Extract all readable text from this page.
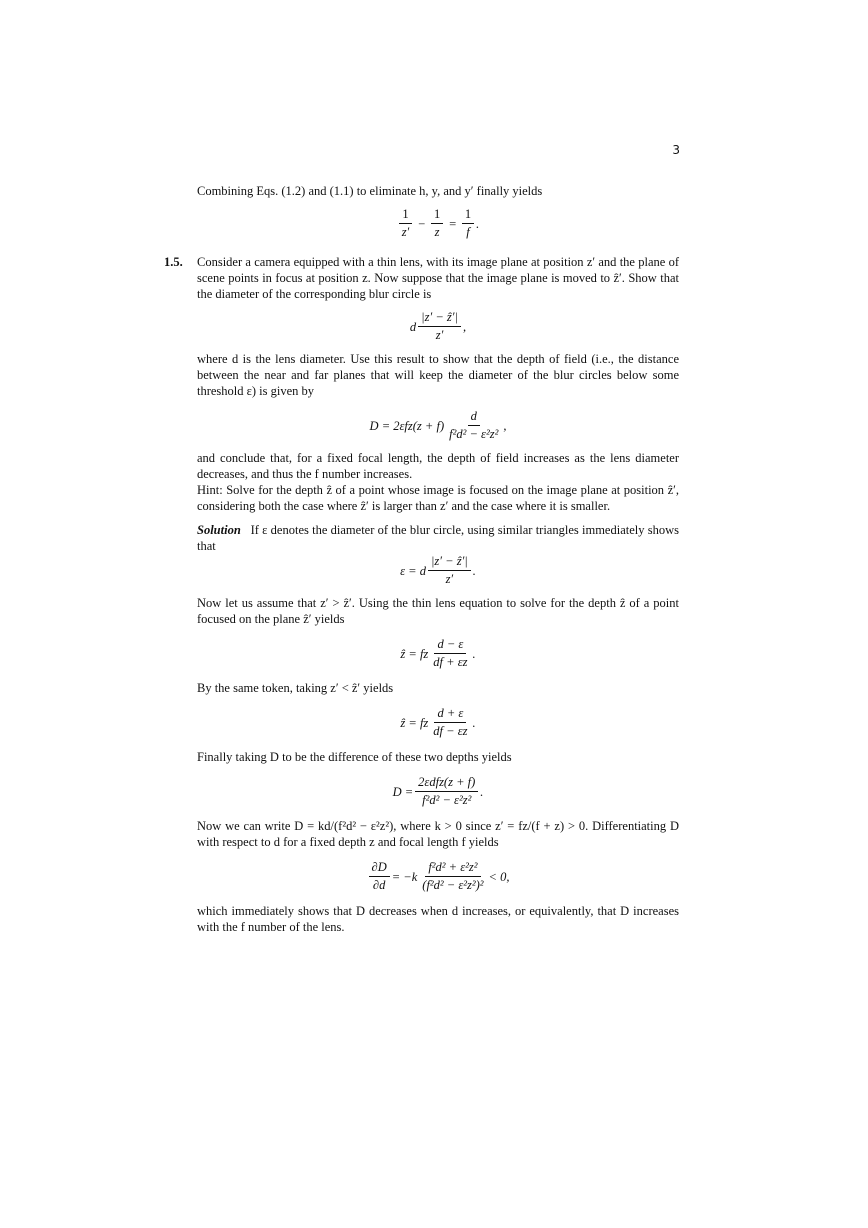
3

Combining Eqs. (1.2) and (1.1) to eliminate h, y, and y′ finally yields

$\frac{1}{z'} - \frac{1}{z} = \frac{1}{f}$ .
1.5. Consider a camera equipped with a thin lens, with its image plane at position z′ and the plane of scene points in focus at position z. Now suppose that the image plane is moved to ẑ′. Show that the diameter of the corresponding blur circle is

d $\frac{\text{|z′ − ẑ′|}}{z'}$ ,

where d is the lens diameter. Use this result to show that the depth of field (i.e., the distance between the near and far planes that will keep the diameter of the blur circles below some threshold ε) is given by

$D = 2\varepsilon fz(z + f) \frac{d}{\text{f²d² − ε²z²}}$ ,

and conclude that, for a fixed focal length, the depth of field increases as the lens diameter decreases, and thus the f number increases.

Hint: Solve for the depth ẑ of a point whose image is focused on the image plane at position ẑ′, considering both the case where ẑ′ is larger than z′ and the case where it is smaller.

Solution If ε denotes the diameter of the blur circle, using similar triangles immediately shows that

ε = d $\frac{\text{|z′ − ẑ′|}}{z'}$ .

Now let us assume that z′ > ẑ′. Using the thin lens equation to solve for the depth ẑ of a point focused on the plane ẑ′ yields

ẑ = fz $\frac{d - \varepsilon}{df + \varepsilon z}$ .

By the same token, taking z′ < ẑ′ yields

ẑ = fz $\frac{d + \varepsilon}{df - \varepsilon z}$ .

Finally taking D to be the difference of these two depths yields

$D = \frac{\text{2εdfz(z + f)}}{\text{f²d² − ε²z²}}$ .

Now we can write D = kd/(f²d² − ε²z²), where k > 0 since z′ = fz/(f + z) > 0. Differentiating D with respect to d for a fixed depth z and focal length f yields

$\frac{\partial D}{\partial d} = -k \frac{\text{f²d² + ε²z²}}{\text{(f²d² − ε²z²)²}} < 0$,

which immediately shows that D decreases when d increases, or equivalently, that D increases with the f number of the lens.
